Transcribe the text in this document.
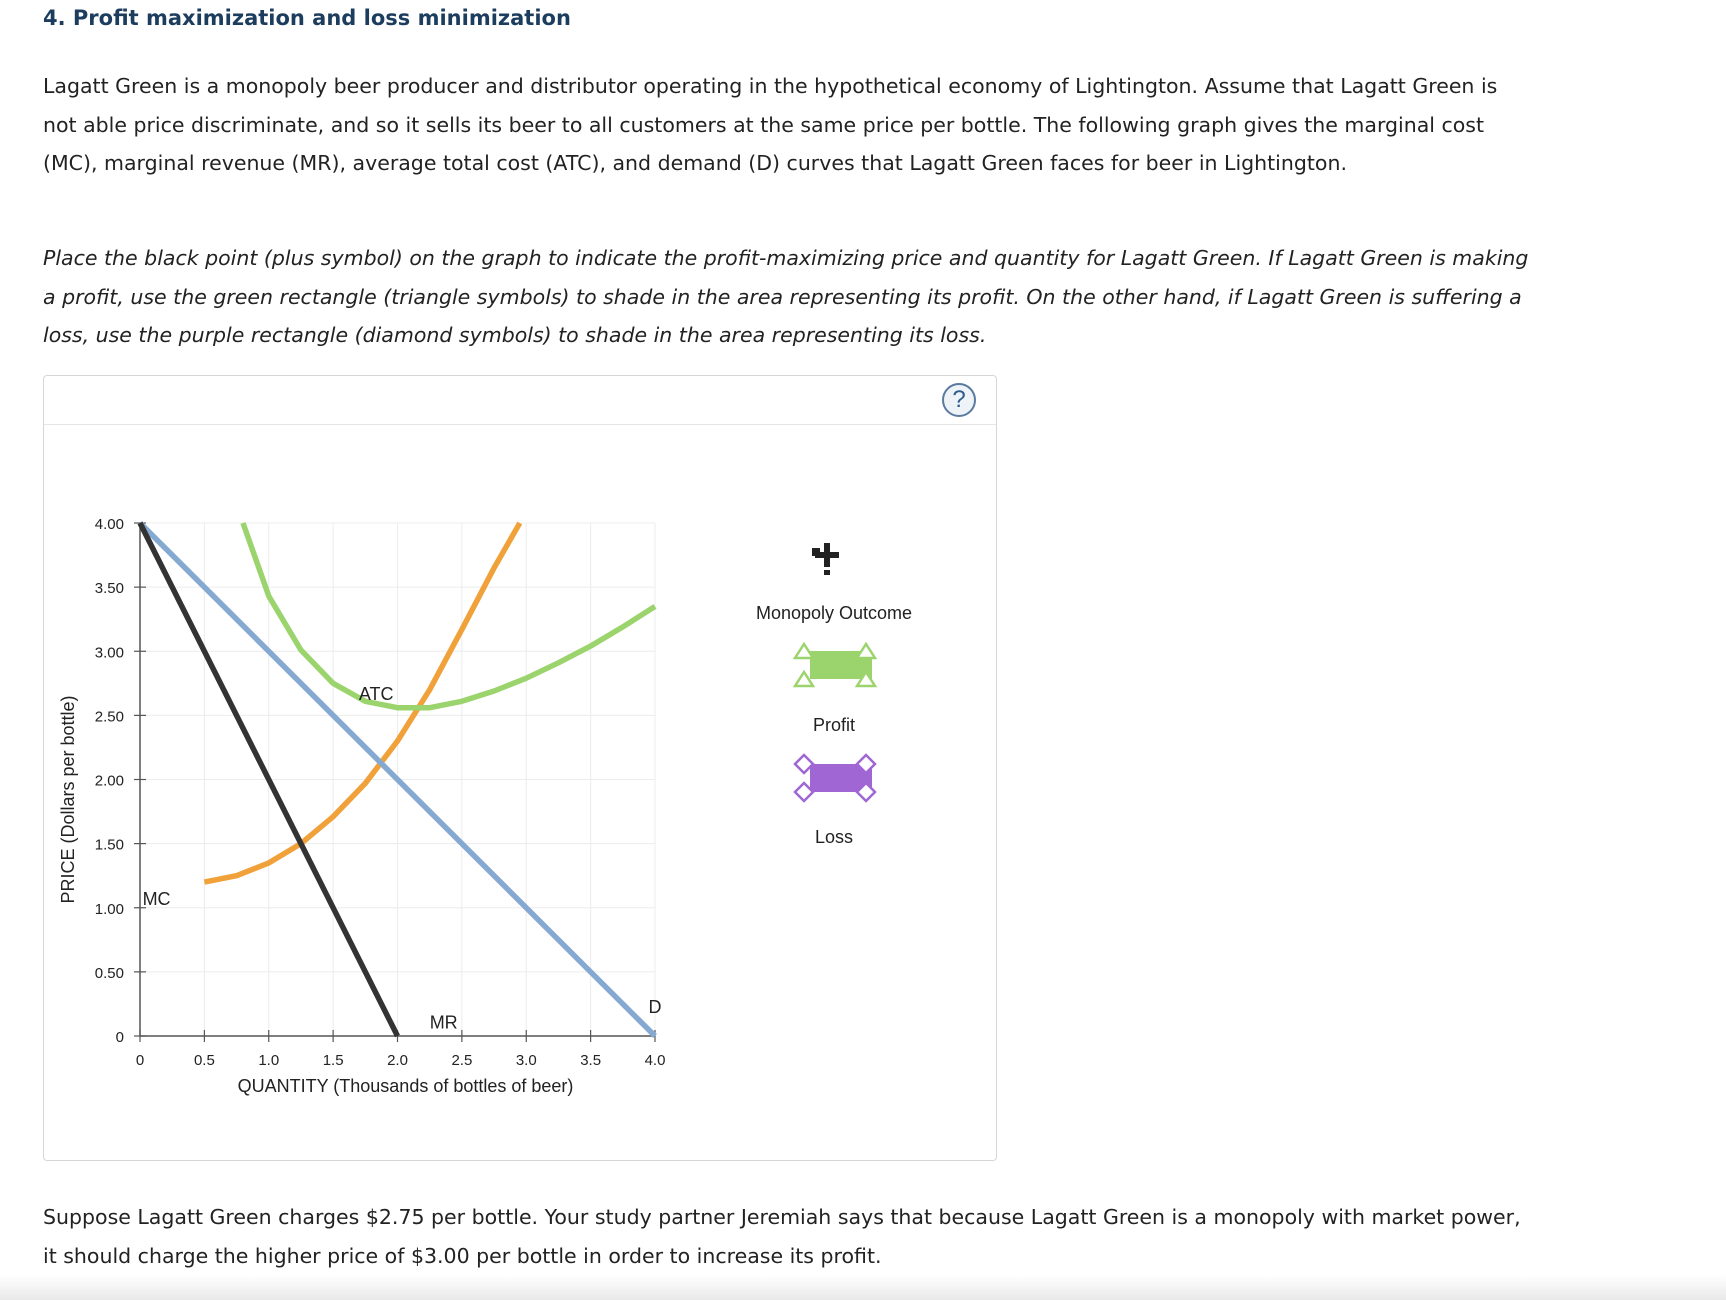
4. Profit maximization and loss minimization

Lagatt Green is a monopoly beer producer and distributor operating in the hypothetical economy of Lightington. Assume that Lagatt Green is not able price discriminate, and so it sells its beer to all customers at the same price per bottle. The following graph gives the marginal cost (MC), marginal revenue (MR), average total cost (ATC), and demand (D) curves that Lagatt Green faces for beer in Lightington.

Place the black point (plus symbol) on the graph to indicate the profit-maximizing price and quantity for Lagatt Green. If Lagatt Green is making a profit, use the green rectangle (triangle symbols) to shade in the area representing its profit. On the other hand, if Lagatt Green is suffering a loss, use the purple rectangle (diamond symbols) to shade in the area representing its loss.

?
0
0.50
1.00
1.50
2.00
2.50
3.00
3.50
4.00
0	0.5	1.0	1.5	2.0	2.5	3.0	3.5	4.0
QUANTITY (Thousands of bottles of beer)
PRICE (Dollars per bottle)	MC
ATC
D
MR
Monopoly Outcome
Profit
Loss

Suppose Lagatt Green charges $2.75 per bottle. Your study partner Jeremiah says that because Lagatt Green is a monopoly with market power, it should charge the higher price of $3.00 per bottle in order to increase its profit.
